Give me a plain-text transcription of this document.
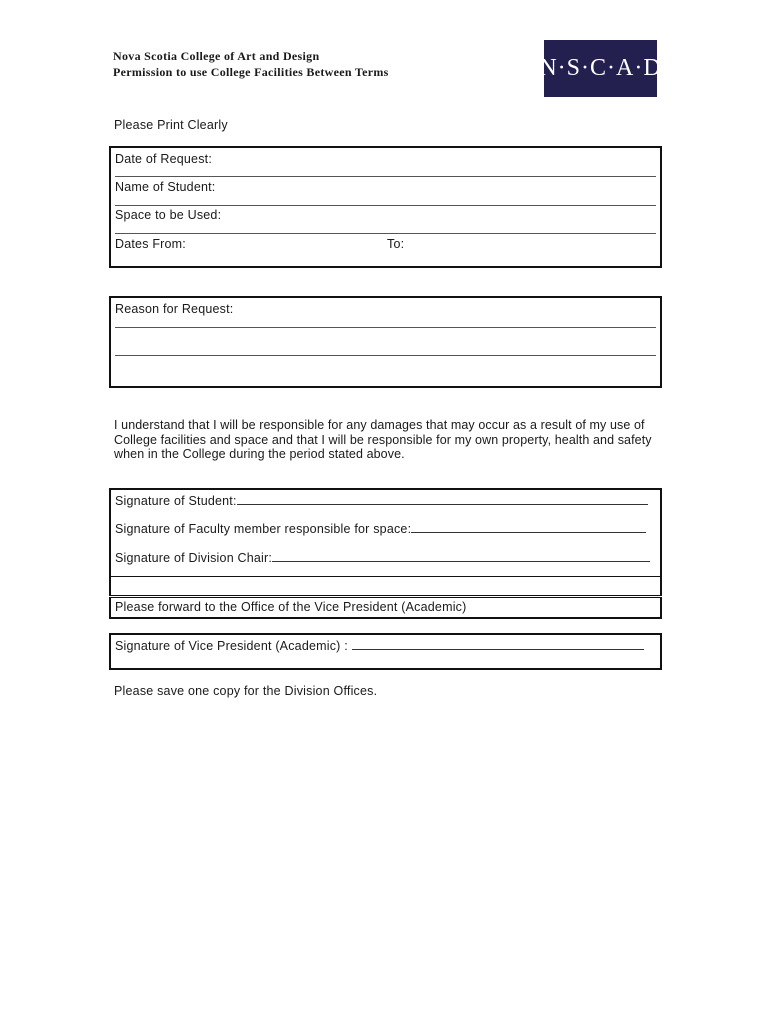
Nova Scotia College of Art and Design
Permission to use College Facilities Between Terms	N·S·C·A·D
Please Print Clearly
Date of Request:
Name of Student:
Space to be Used:
Dates From:	To:
Reason for Request:
I understand that I will be responsible for any damages that may occur as a result of my use of College facilities and space and that I will be responsible for my own property, health and safety when in the College during the period stated above.
Signature of Student:
Signature of Faculty member responsible for space:
Signature of Division Chair:
Please forward to the Office of the Vice President (Academic)
Signature of Vice President (Academic) :
Please save one copy for the Division Offices.
